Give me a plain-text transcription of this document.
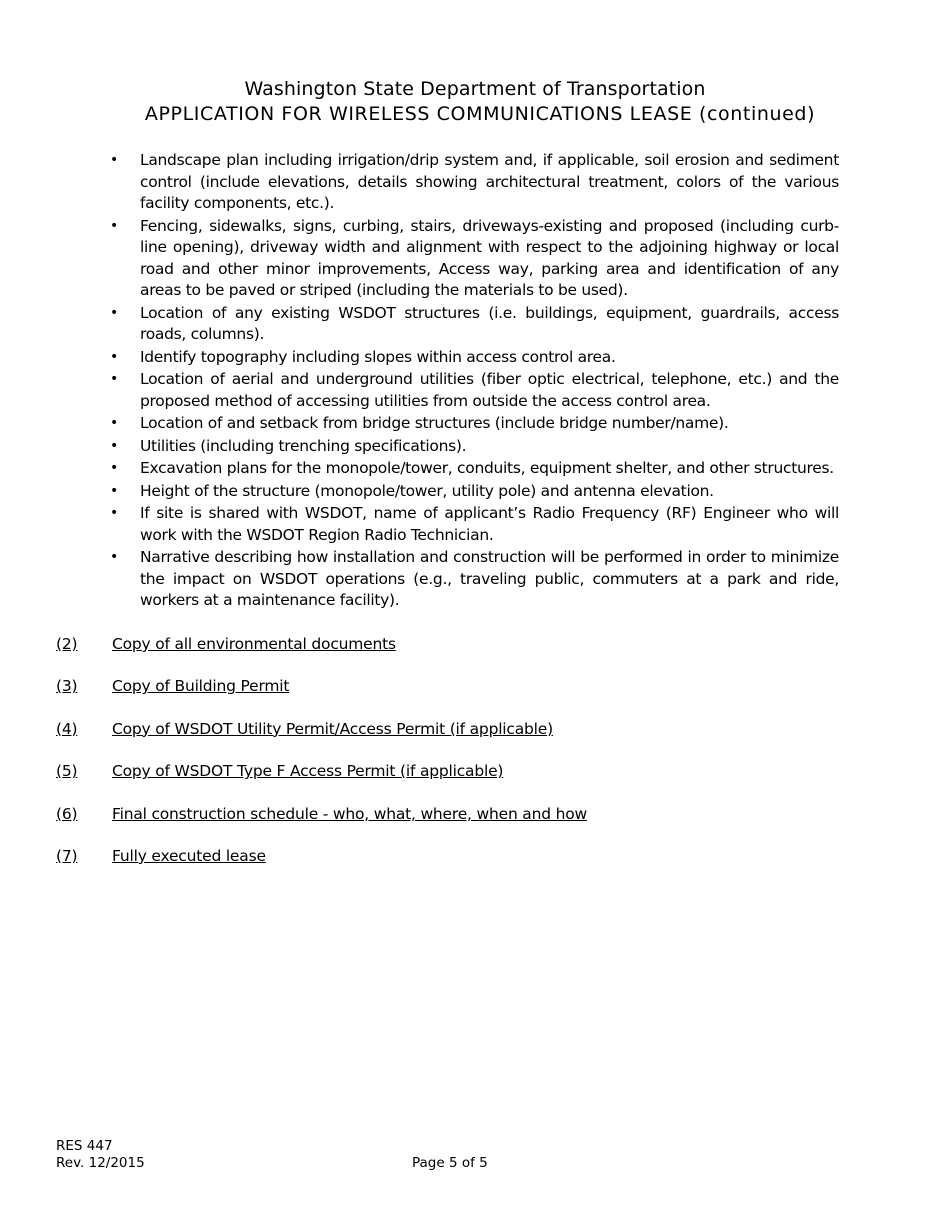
Washington State Department of Transportation
APPLICATION FOR WIRELESS COMMUNICATIONS LEASE (continued)
• Landscape plan including irrigation/drip system and, if applicable, soil erosion and sediment control (include elevations, details showing architectural treatment, colors of the various facility components, etc.).
• Fencing, sidewalks, signs, curbing, stairs, driveways-existing and proposed (including curb-line opening), driveway width and alignment with respect to the adjoining highway or local road and other minor improvements, Access way, parking area and identification of any areas to be paved or striped (including the materials to be used).
• Location of any existing WSDOT structures (i.e. buildings, equipment, guardrails, access roads, columns).
• Identify topography including slopes within access control area.
• Location of aerial and underground utilities (fiber optic electrical, telephone, etc.) and the proposed method of accessing utilities from outside the access control area.
• Location of and setback from bridge structures (include bridge number/name).
• Utilities (including trenching specifications).
• Excavation plans for the monopole/tower, conduits, equipment shelter, and other structures.
• Height of the structure (monopole/tower, utility pole) and antenna elevation.
• If site is shared with WSDOT, name of applicant’s Radio Frequency (RF) Engineer who will work with the WSDOT Region Radio Technician.
• Narrative describing how installation and construction will be performed in order to minimize the impact on WSDOT operations (e.g., traveling public, commuters at a park and ride, workers at a maintenance facility).
(2) Copy of all environmental documents
(3) Copy of Building Permit
(4) Copy of WSDOT Utility Permit/Access Permit (if applicable)
(5) Copy of WSDOT Type F Access Permit (if applicable)
(6) Final construction schedule - who, what, where, when and how
(7) Fully executed lease
RES 447
Rev. 12/2015	Page 5 of 5
